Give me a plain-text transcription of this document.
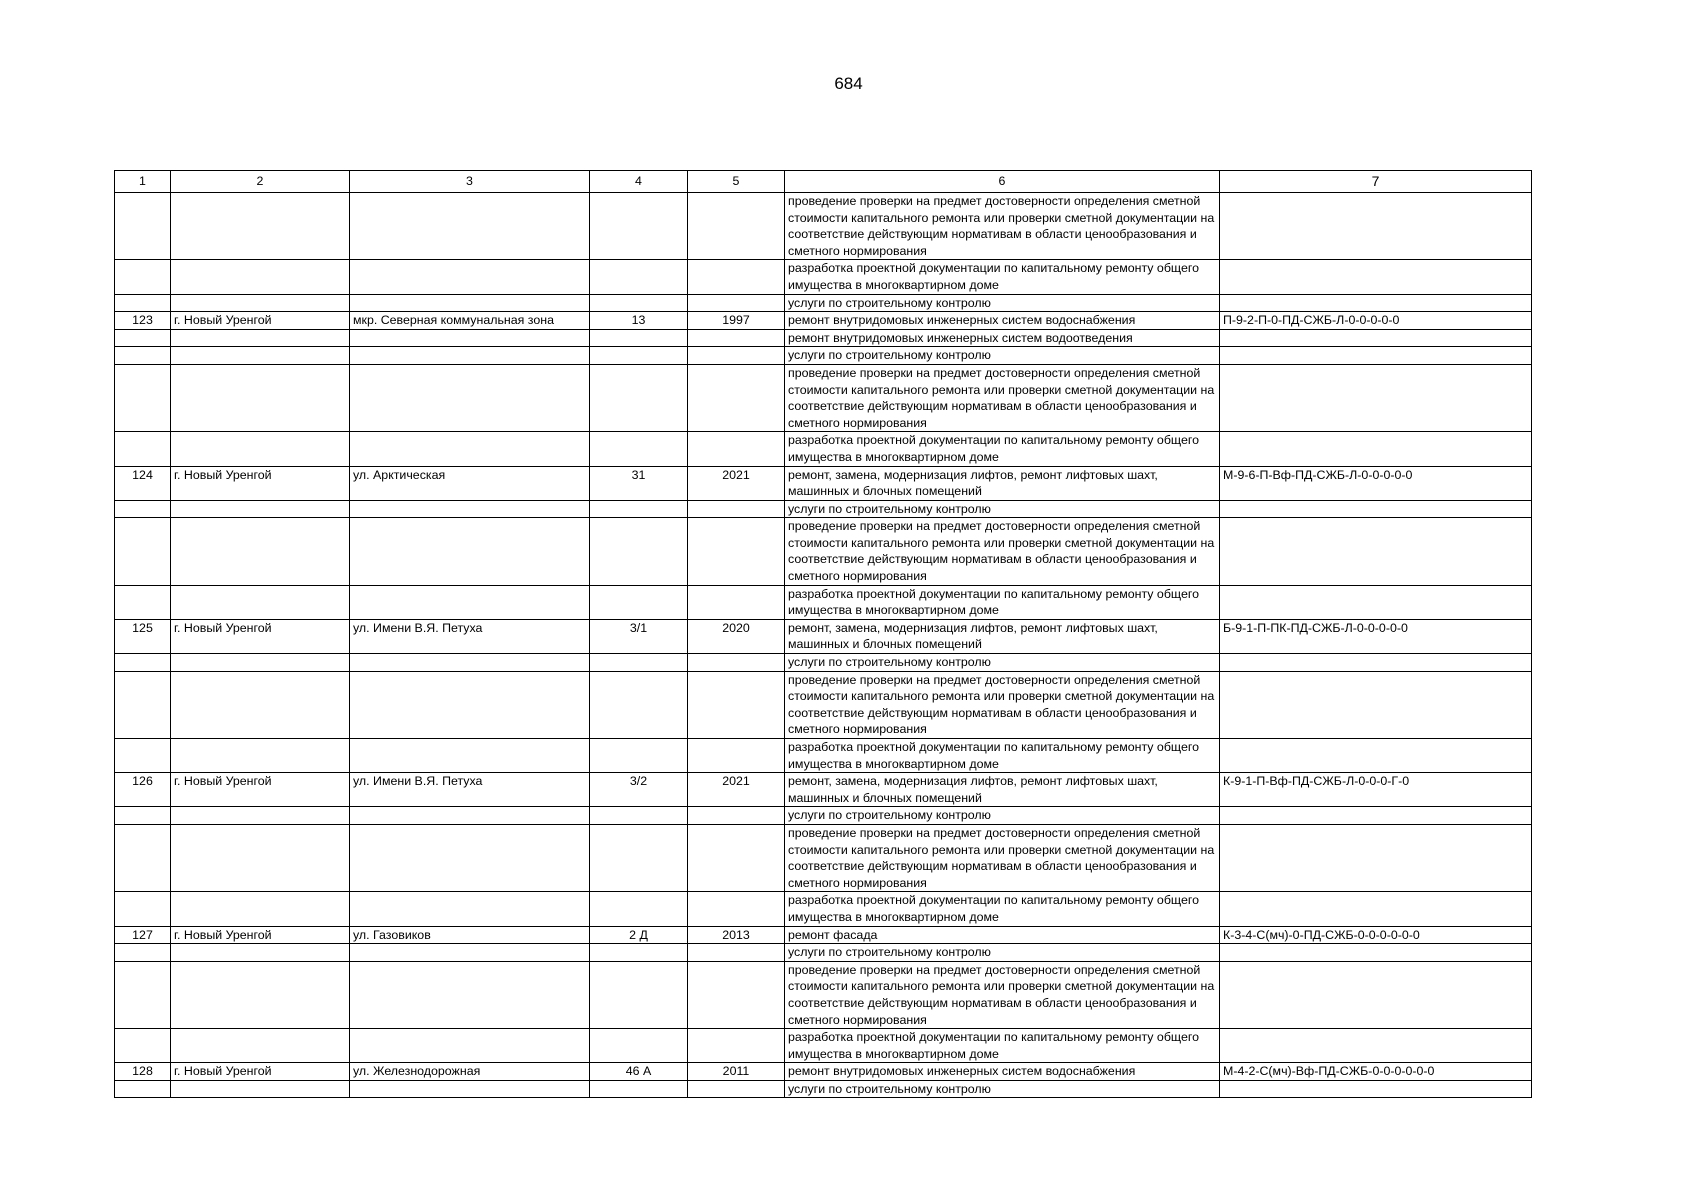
684
1	2	3	4	5	6	7
					проведение проверки на предмет достоверности определения сметной стоимости капитального ремонта или проверки сметной документации на соответствие действующим нормативам в области ценообразования и сметного нормирования	
					разработка проектной документации по капитальному ремонту общего имущества в многоквартирном доме	
					услуги по строительному контролю	
123	г. Новый Уренгой	мкр. Северная коммунальная зона	13	1997	ремонт внутридомовых инженерных систем водоснабжения	П-9-2-П-0-ПД-СЖБ-Л-0-0-0-0-0
					ремонт внутридомовых инженерных систем водоотведения	
					услуги по строительному контролю	
					проведение проверки на предмет достоверности определения сметной стоимости капитального ремонта или проверки сметной документации на соответствие действующим нормативам в области ценообразования и сметного нормирования	
					разработка проектной документации по капитальному ремонту общего имущества в многоквартирном доме	
124	г. Новый Уренгой	ул. Арктическая	31	2021	ремонт, замена, модернизация лифтов, ремонт лифтовых шахт, машинных и блочных помещений	М-9-6-П-Вф-ПД-СЖБ-Л-0-0-0-0-0
					услуги по строительному контролю	
					проведение проверки на предмет достоверности определения сметной стоимости капитального ремонта или проверки сметной документации на соответствие действующим нормативам в области ценообразования и сметного нормирования	
					разработка проектной документации по капитальному ремонту общего имущества в многоквартирном доме	
125	г. Новый Уренгой	ул. Имени В.Я. Петуха	3/1	2020	ремонт, замена, модернизация лифтов, ремонт лифтовых шахт, машинных и блочных помещений	Б-9-1-П-ПК-ПД-СЖБ-Л-0-0-0-0-0
					услуги по строительному контролю	
					проведение проверки на предмет достоверности определения сметной стоимости капитального ремонта или проверки сметной документации на соответствие действующим нормативам в области ценообразования и сметного нормирования	
					разработка проектной документации по капитальному ремонту общего имущества в многоквартирном доме	
126	г. Новый Уренгой	ул. Имени В.Я. Петуха	3/2	2021	ремонт, замена, модернизация лифтов, ремонт лифтовых шахт, машинных и блочных помещений	К-9-1-П-Вф-ПД-СЖБ-Л-0-0-0-Г-0
					услуги по строительному контролю	
					проведение проверки на предмет достоверности определения сметной стоимости капитального ремонта или проверки сметной документации на соответствие действующим нормативам в области ценообразования и сметного нормирования	
					разработка проектной документации по капитальному ремонту общего имущества в многоквартирном доме	
127	г. Новый Уренгой	ул. Газовиков	2 Д	2013	ремонт фасада	К-3-4-С(мч)-0-ПД-СЖБ-0-0-0-0-0-0
					услуги по строительному контролю	
					проведение проверки на предмет достоверности определения сметной стоимости капитального ремонта или проверки сметной документации на соответствие действующим нормативам в области ценообразования и сметного нормирования	
					разработка проектной документации по капитальному ремонту общего имущества в многоквартирном доме	
128	г. Новый Уренгой	ул. Железнодорожная	46 А	2011	ремонт внутридомовых инженерных систем водоснабжения	М-4-2-С(мч)-Вф-ПД-СЖБ-0-0-0-0-0-0
					услуги по строительному контролю	
